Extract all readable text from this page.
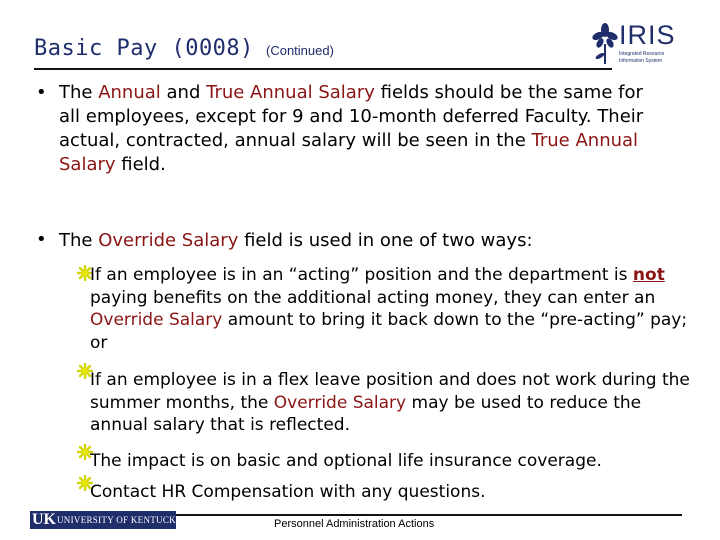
Basic Pay (0008) (Continued)
IRIS
Integrated Resource
Information System
• The Annual and True Annual Salary fields should be the same for all employees, except for 9 and 10-month deferred Faculty. Their actual, contracted, annual salary will be seen in the True Annual Salary field.
• The Override Salary field is used in one of two ways:
If an employee is in an “acting” position and the department is not paying benefits on the additional acting money, they can enter an Override Salary amount to bring it back down to the “pre-acting” pay; or
If an employee is in a flex leave position and does not work during the summer months, the Override Salary may be used to reduce the annual salary that is reflected.
The impact is on basic and optional life insurance coverage.
Contact HR Compensation with any questions.
UK UNIVERSITY OF KENTUCKY	Personnel Administration Actions
